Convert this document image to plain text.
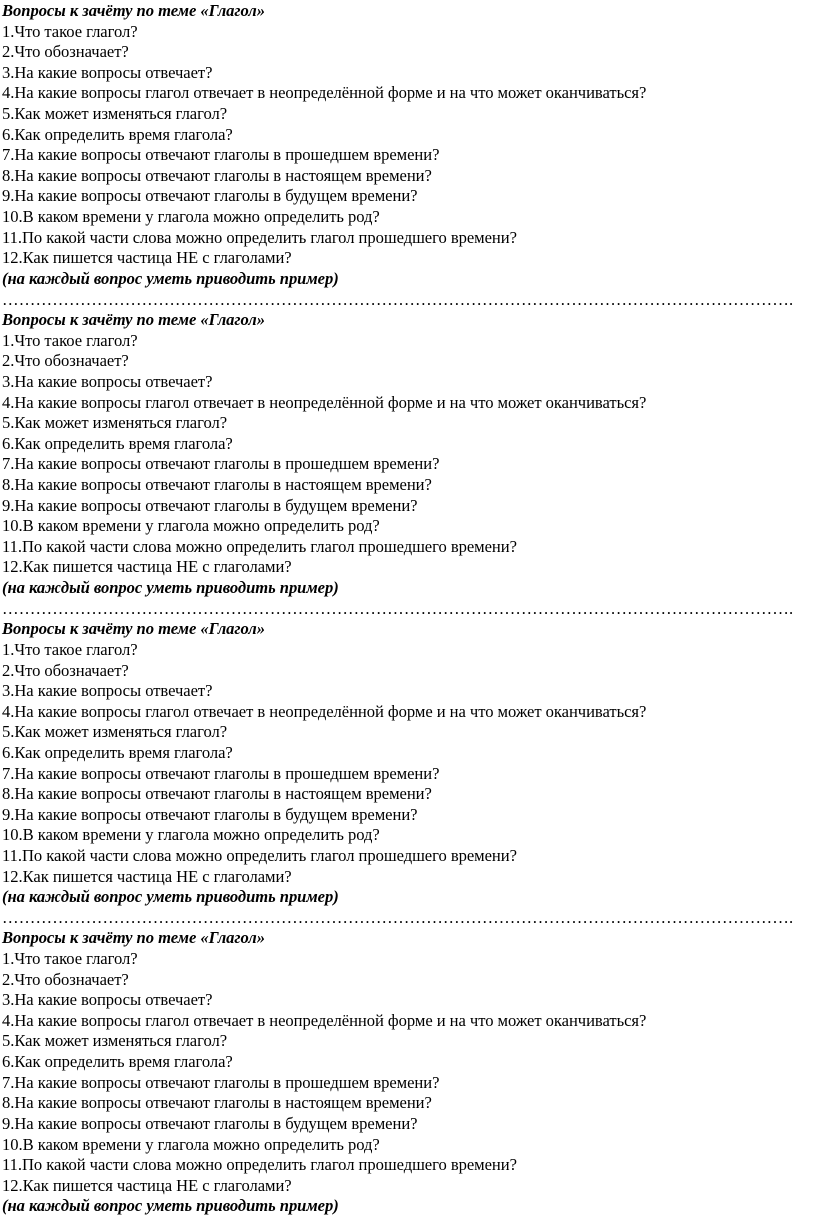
Вопросы к зачёту по теме «Глагол»
1.Что такое глагол?
2.Что обозначает?
3.На какие вопросы отвечает?
4.На какие вопросы глагол отвечает в неопределённой форме и на что может оканчиваться?
5.Как может изменяться глагол?
6.Как определить время глагола?
7.На какие вопросы отвечают глаголы в прошедшем времени?
8.На какие вопросы отвечают глаголы в настоящем времени?
9.На какие вопросы отвечают глаголы в будущем времени?
10.В каком времени у глагола можно определить род?
11.По какой части слова можно определить глагол прошедшего времени?
12.Как пишется частица НЕ с глаголами?
(на каждый вопрос уметь приводить пример)
…………………………………………………………………………………………………………………………….
Вопросы к зачёту по теме «Глагол»
1.Что такое глагол?
2.Что обозначает?
3.На какие вопросы отвечает?
4.На какие вопросы глагол отвечает в неопределённой форме и на что может оканчиваться?
5.Как может изменяться глагол?
6.Как определить время глагола?
7.На какие вопросы отвечают глаголы в прошедшем времени?
8.На какие вопросы отвечают глаголы в настоящем времени?
9.На какие вопросы отвечают глаголы в будущем времени?
10.В каком времени у глагола можно определить род?
11.По какой части слова можно определить глагол прошедшего времени?
12.Как пишется частица НЕ с глаголами?
(на каждый вопрос уметь приводить пример)
…………………………………………………………………………………………………………………………….
Вопросы к зачёту по теме «Глагол»
1.Что такое глагол?
2.Что обозначает?
3.На какие вопросы отвечает?
4.На какие вопросы глагол отвечает в неопределённой форме и на что может оканчиваться?
5.Как может изменяться глагол?
6.Как определить время глагола?
7.На какие вопросы отвечают глаголы в прошедшем времени?
8.На какие вопросы отвечают глаголы в настоящем времени?
9.На какие вопросы отвечают глаголы в будущем времени?
10.В каком времени у глагола можно определить род?
11.По какой части слова можно определить глагол прошедшего времени?
12.Как пишется частица НЕ с глаголами?
(на каждый вопрос уметь приводить пример)
…………………………………………………………………………………………………………………………….
Вопросы к зачёту по теме «Глагол»
1.Что такое глагол?
2.Что обозначает?
3.На какие вопросы отвечает?
4.На какие вопросы глагол отвечает в неопределённой форме и на что может оканчиваться?
5.Как может изменяться глагол?
6.Как определить время глагола?
7.На какие вопросы отвечают глаголы в прошедшем времени?
8.На какие вопросы отвечают глаголы в настоящем времени?
9.На какие вопросы отвечают глаголы в будущем времени?
10.В каком времени у глагола можно определить род?
11.По какой части слова можно определить глагол прошедшего времени?
12.Как пишется частица НЕ с глаголами?
(на каждый вопрос уметь приводить пример)
